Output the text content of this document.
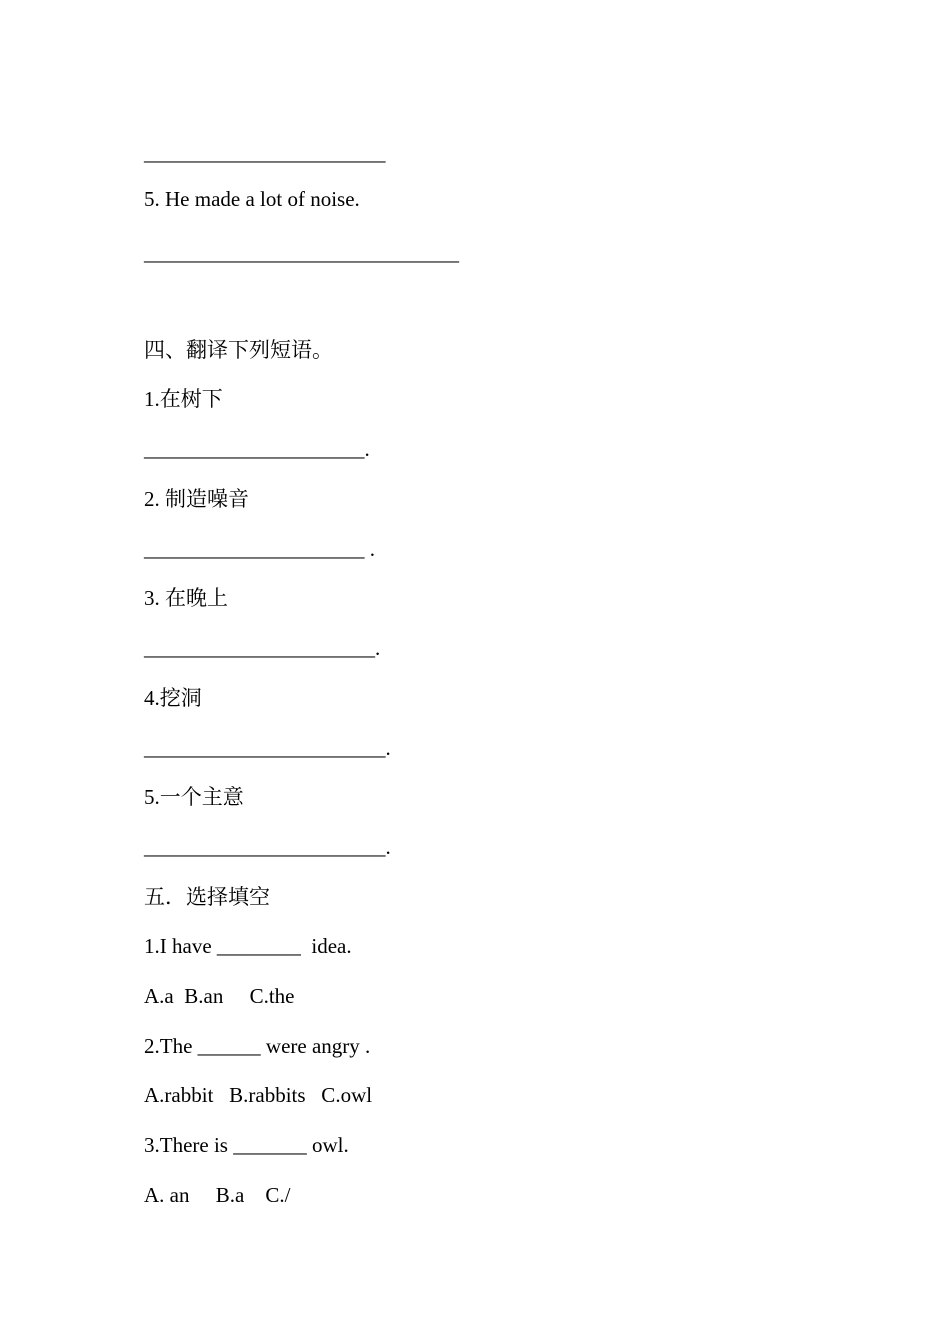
_______________________
5. He made a lot of noise.
______________________________
四、翻译下列短语。
1.在树下
_____________________.
2. 制造噪音
_____________________ .
3. 在晚上
______________________.
4.挖洞
_______________________.
5.一个主意
_______________________.
五．选择填空
1.I have ________  idea.
A.a  B.an     C.the
2.The ______ were angry .
A.rabbit   B.rabbits   C.owl
3.There is _______ owl.
A. an     B.a    C./
